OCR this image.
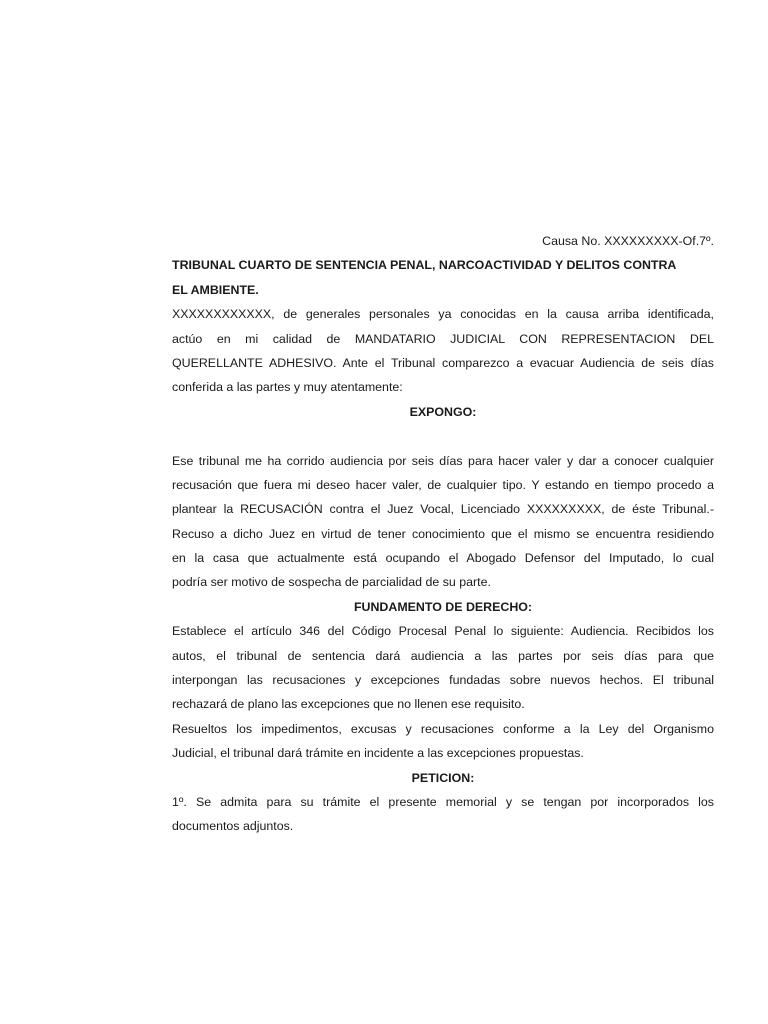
Causa No. XXXXXXXXX-Of.7º.
TRIBUNAL CUARTO DE SENTENCIA PENAL, NARCOACTIVIDAD Y DELITOS CONTRA
EL AMBIENTE.
XXXXXXXXXXXX, de generales personales ya conocidas en la causa arriba identificada,
actúo en mi calidad de MANDATARIO JUDICIAL CON REPRESENTACION DEL
QUERELLANTE ADHESIVO. Ante el Tribunal comparezco a evacuar Audiencia de seis días
conferida a las partes y muy atentamente:
EXPONGO:
Ese tribunal me ha corrido audiencia por seis días para hacer valer y dar a conocer cualquier
recusación que fuera mi deseo hacer valer, de cualquier tipo. Y estando en tiempo procedo a
plantear la RECUSACIÓN contra el Juez Vocal, Licenciado XXXXXXXXX, de éste Tribunal.-
Recuso a dicho Juez en virtud de tener conocimiento que el mismo se encuentra residiendo
en la casa que actualmente está ocupando el Abogado Defensor del Imputado, lo cual
podría ser motivo de sospecha de parcialidad de su parte.
FUNDAMENTO DE DERECHO:
Establece el artículo 346 del Código Procesal Penal lo siguiente: Audiencia. Recibidos los
autos, el tribunal de sentencia dará audiencia a las partes por seis días para que
interpongan las recusaciones y excepciones fundadas sobre nuevos hechos. El tribunal
rechazará de plano las excepciones que no llenen ese requisito.
Resueltos los impedimentos, excusas y recusaciones conforme a la Ley del Organismo
Judicial, el tribunal dará trámite en incidente a las excepciones propuestas.
PETICION:
1º. Se admita para su trámite el presente memorial y se tengan por incorporados los
documentos adjuntos.
